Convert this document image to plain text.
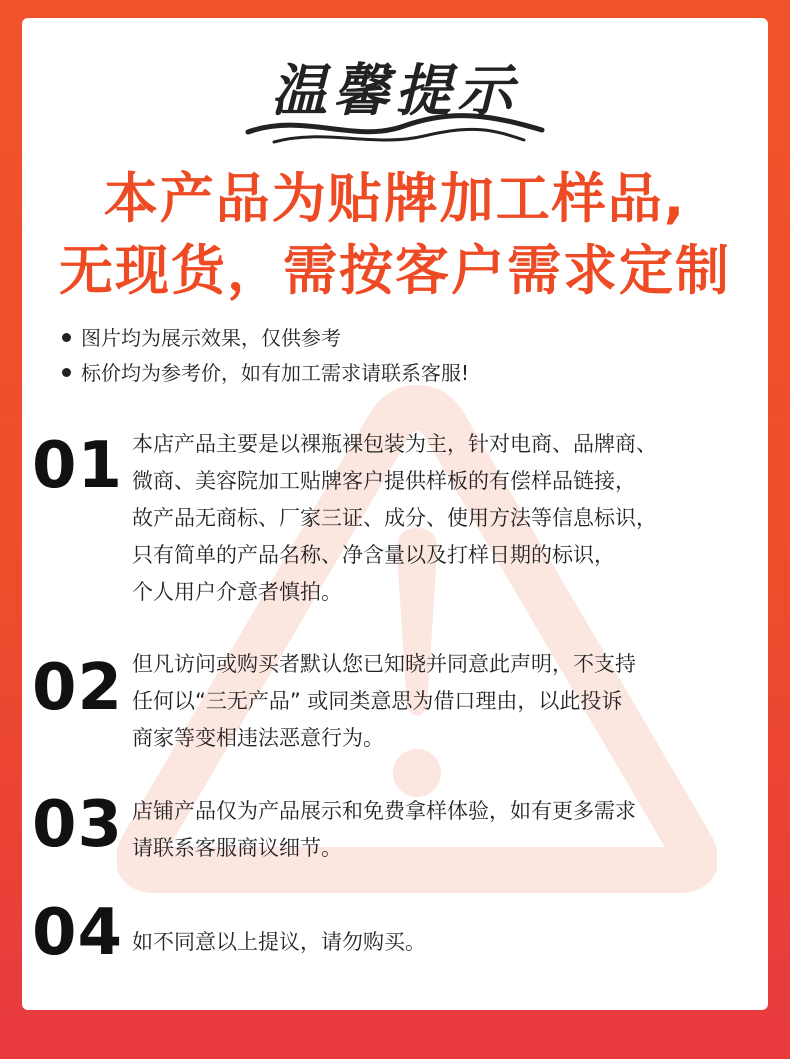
温馨提示
本产品为贴牌加工样品,
无现货，需按客户需求定制
图片均为展示效果，仅供参考
标价均为参考价，如有加工需求请联系客服!
01 本店产品主要是以裸瓶裸包装为主，针对电商、品牌商、
微商、美容院加工贴牌客户提供样板的有偿样品链接，
故产品无商标、厂家三证、成分、使用方法等信息标识，
只有简单的产品名称、净含量以及打样日期的标识，
个人用户介意者慎拍。
02 但凡访问或购买者默认您已知晓并同意此声明，不支持
任何以“三无产品” 或同类意思为借口理由，以此投诉
商家等变相违法恶意行为。
03 店铺产品仅为产品展示和免费拿样体验，如有更多需求
请联系客服商议细节。
04 如不同意以上提议，请勿购买。
